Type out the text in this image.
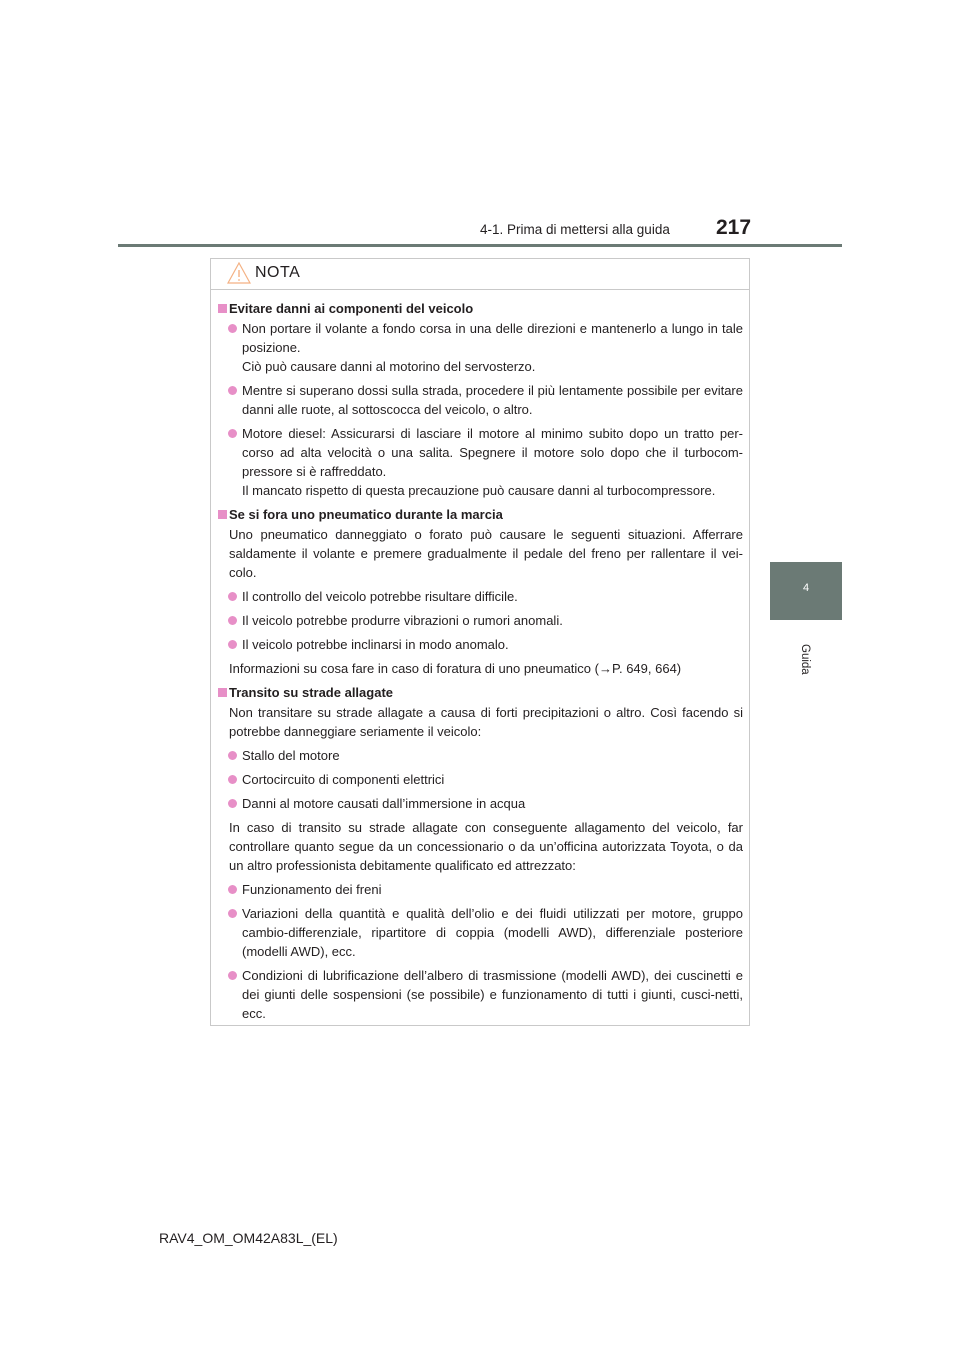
4-1. Prima di mettersi alla guida 217
4
Guida
NOTA
Evitare danni ai componenti del veicolo
Non portare il volante a fondo corsa in una delle direzioni e mantenerlo a lungo in tale posizione.
Ciò può causare danni al motorino del servosterzo.
Mentre si superano dossi sulla strada, procedere il più lentamente possibile per evitare danni alle ruote, al sottoscocca del veicolo, o altro.
Motore diesel: Assicurarsi di lasciare il motore al minimo subito dopo un tratto per-corso ad alta velocità o una salita. Spegnere il motore solo dopo che il turbocom-pressore si è raffreddato.
Il mancato rispetto di questa precauzione può causare danni al turbocompressore.
Se si fora uno pneumatico durante la marcia
Uno pneumatico danneggiato o forato può causare le seguenti situazioni. Afferrare saldamente il volante e premere gradualmente il pedale del freno per rallentare il vei-colo.
Il controllo del veicolo potrebbe risultare difficile.
Il veicolo potrebbe produrre vibrazioni o rumori anomali.
Il veicolo potrebbe inclinarsi in modo anomalo.
Informazioni su cosa fare in caso di foratura di uno pneumatico (→P. 649, 664)
Transito su strade allagate
Non transitare su strade allagate a causa di forti precipitazioni o altro. Così facendo si potrebbe danneggiare seriamente il veicolo:
Stallo del motore
Cortocircuito di componenti elettrici
Danni al motore causati dall’immersione in acqua
In caso di transito su strade allagate con conseguente allagamento del veicolo, far controllare quanto segue da un concessionario o da un’officina autorizzata Toyota, o da un altro professionista debitamente qualificato ed attrezzato:
Funzionamento dei freni
Variazioni della quantità e qualità dell’olio e dei fluidi utilizzati per motore, gruppo cambio-differenziale, ripartitore di coppia (modelli AWD), differenziale posteriore (modelli AWD), ecc.
Condizioni di lubrificazione dell’albero di trasmissione (modelli AWD), dei cuscinetti e dei giunti delle sospensioni (se possibile) e funzionamento di tutti i giunti, cusci-netti, ecc.
RAV4_OM_OM42A83L_(EL)
